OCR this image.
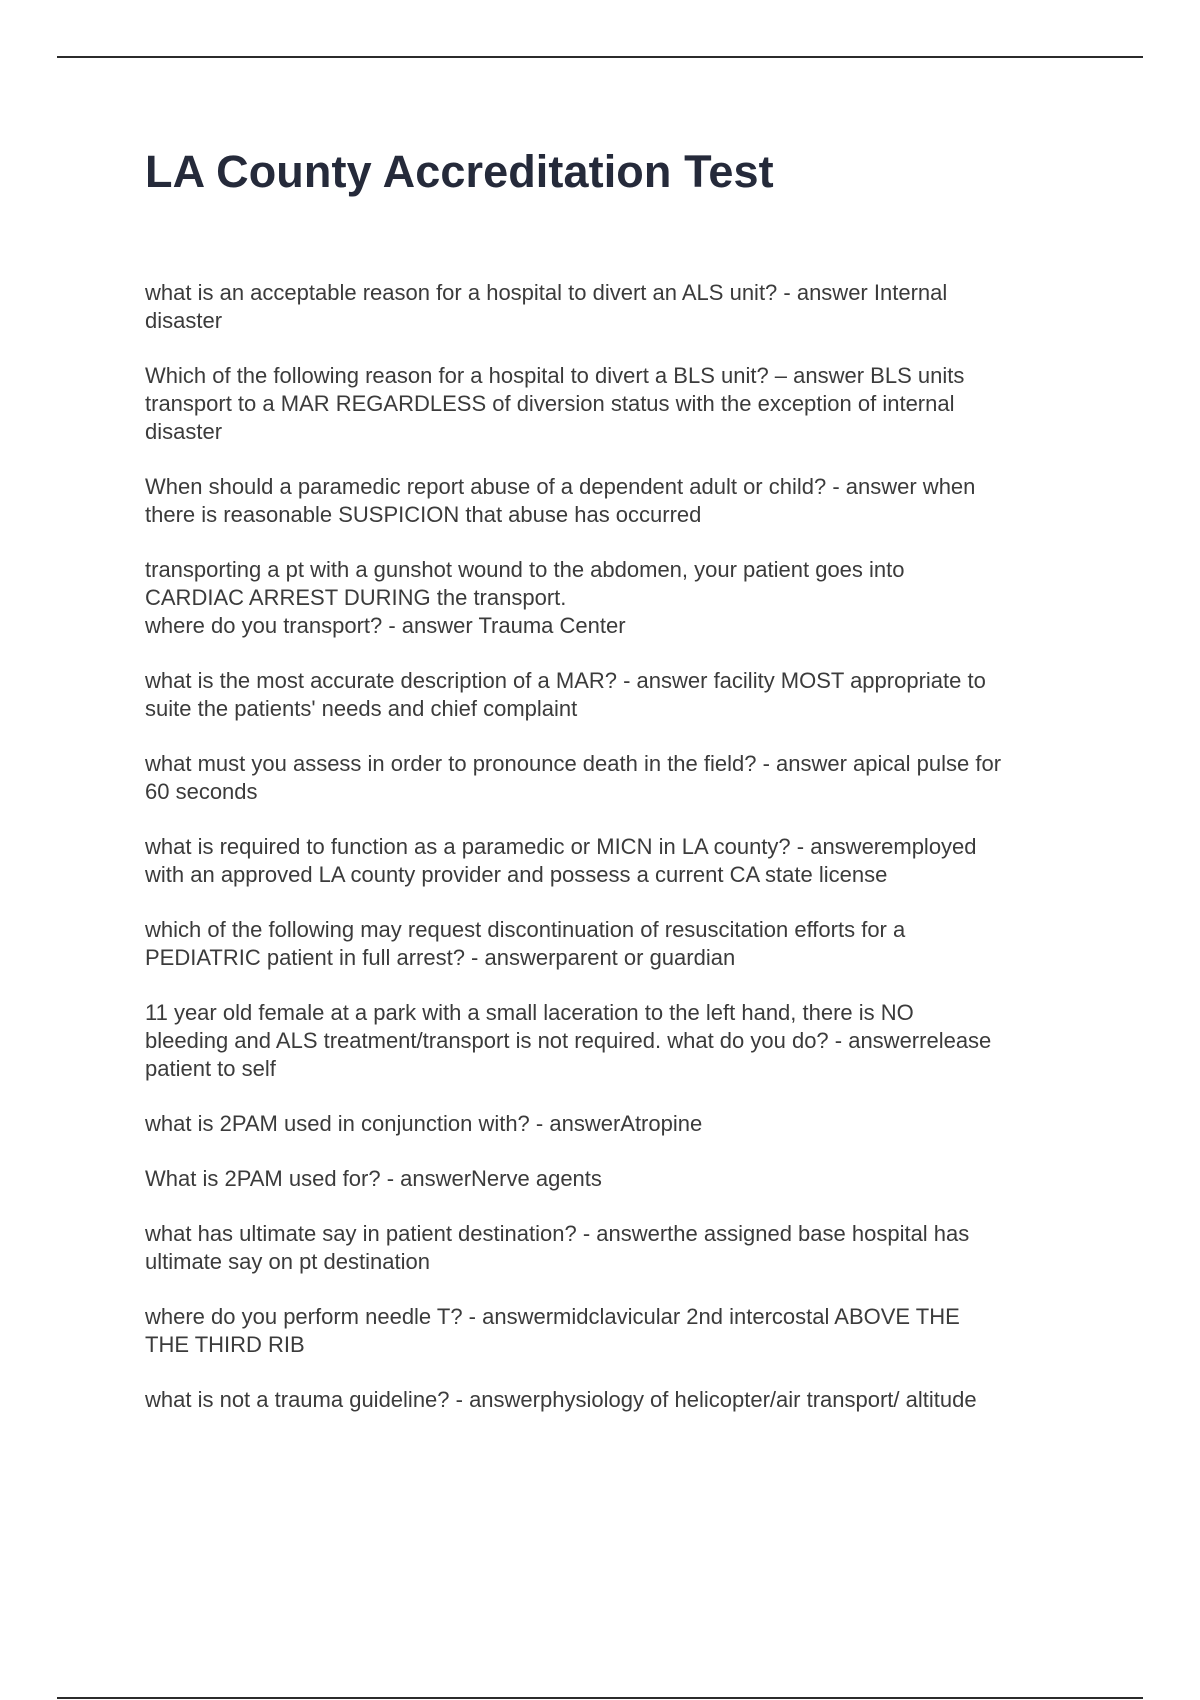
LA County Accreditation Test

what is an acceptable reason for a hospital to divert an ALS unit? - answer Internal
disaster

Which of the following reason for a hospital to divert a BLS unit? – answer BLS units
transport to a MAR REGARDLESS of diversion status with the exception of internal
disaster

When should a paramedic report abuse of a dependent adult or child? - answer when
there is reasonable SUSPICION that abuse has occurred

transporting a pt with a gunshot wound to the abdomen, your patient goes into
CARDIAC ARREST DURING the transport.
where do you transport? - answer Trauma Center

what is the most accurate description of a MAR? - answer facility MOST appropriate to
suite the patients' needs and chief complaint

what must you assess in order to pronounce death in the field? - answer apical pulse for
60 seconds

what is required to function as a paramedic or MICN in LA county? - answeremployed
with an approved LA county provider and possess a current CA state license

which of the following may request discontinuation of resuscitation efforts for a
PEDIATRIC patient in full arrest? - answerparent or guardian

11 year old female at a park with a small laceration to the left hand, there is NO
bleeding and ALS treatment/transport is not required. what do you do? - answerrelease
patient to self

what is 2PAM used in conjunction with? - answerAtropine

What is 2PAM used for? - answerNerve agents

what has ultimate say in patient destination? - answerthe assigned base hospital has
ultimate say on pt destination

where do you perform needle T? - answermidclavicular 2nd intercostal ABOVE THE
THE THIRD RIB

what is not a trauma guideline? - answerphysiology of helicopter/air transport/ altitude
